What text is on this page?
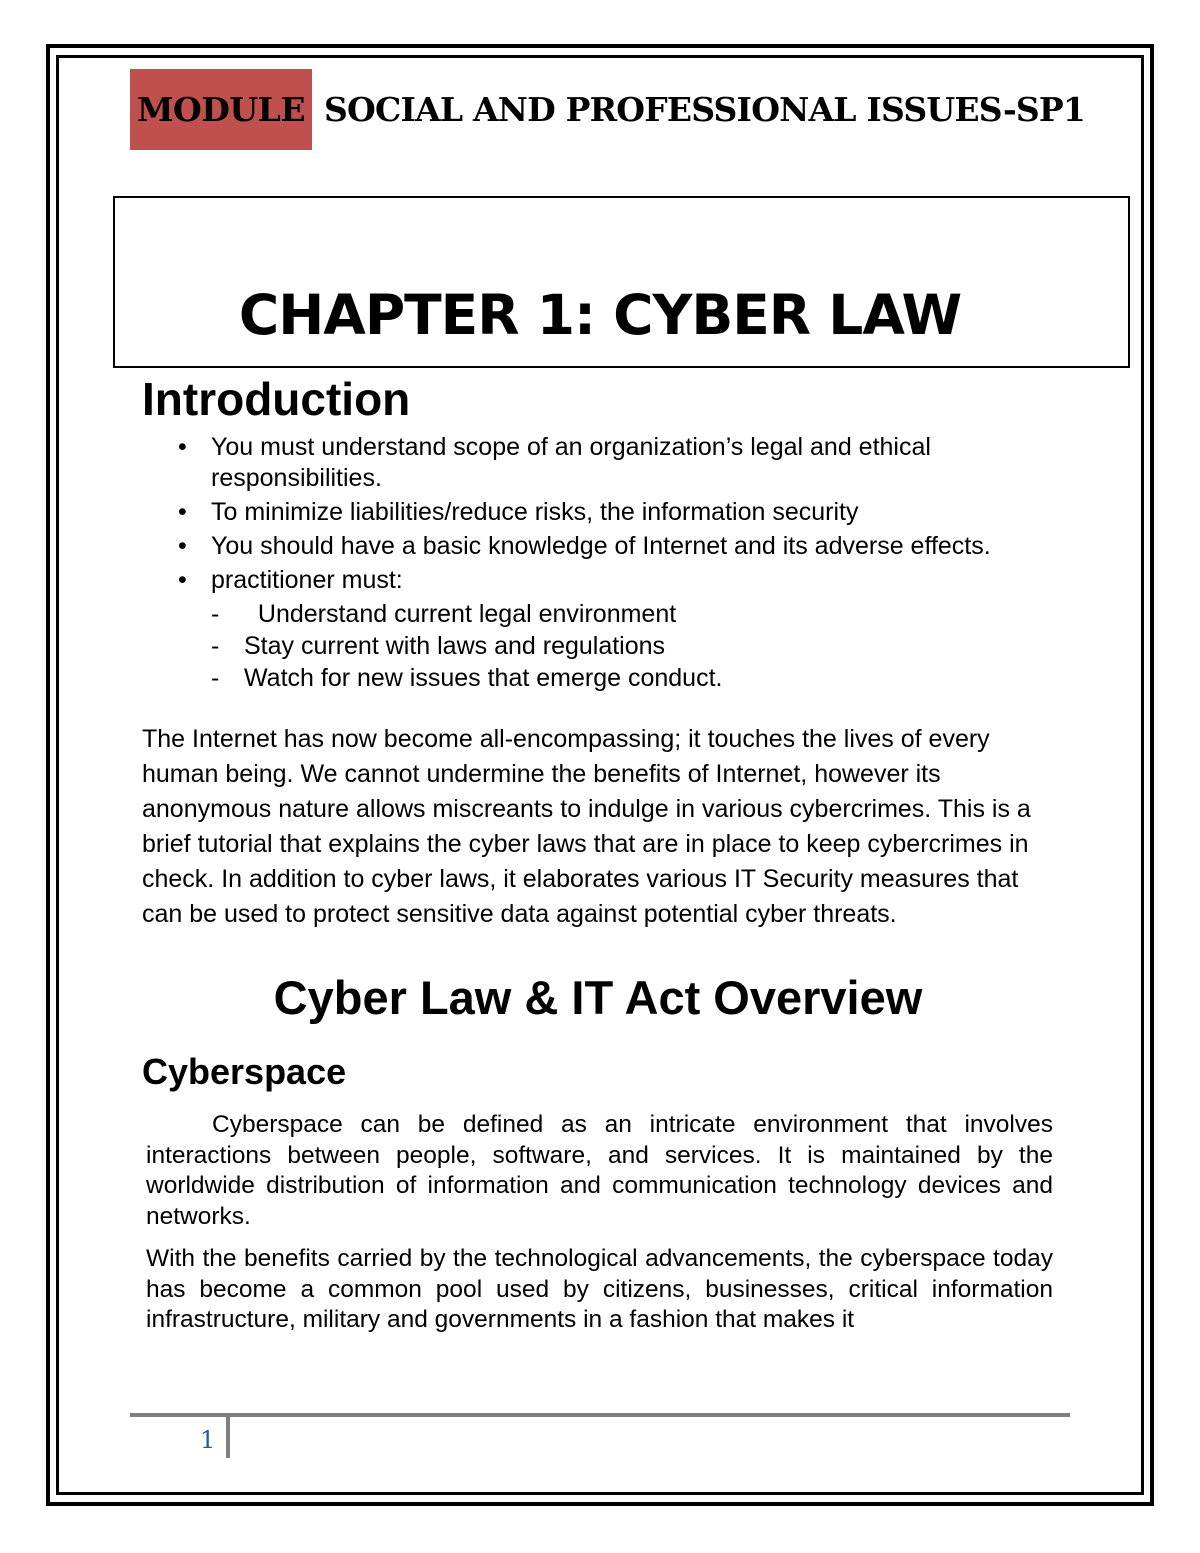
MODULE SOCIAL AND PROFESSIONAL ISSUES-SP1
CHAPTER 1: CYBER LAW
Introduction
• You must understand scope of an organization’s legal and ethical responsibilities.
• To minimize liabilities/reduce risks, the information security
• You should have a basic knowledge of Internet and its adverse effects.
• practitioner must:
-  Understand current legal environment
- Stay current with laws and regulations
- Watch for new issues that emerge conduct.

The Internet has now become all-encompassing; it touches the lives of every human being. We cannot undermine the benefits of Internet, however its anonymous nature allows miscreants to indulge in various cybercrimes. This is a brief tutorial that explains the cyber laws that are in place to keep cybercrimes in check. In addition to cyber laws, it elaborates various IT Security measures that can be used to protect sensitive data against potential cyber threats.

Cyber Law & IT Act Overview
Cyberspace

Cyberspace can be defined as an intricate environment that involves interactions between people, software, and services. It is maintained by the worldwide distribution of information and communication technology devices and networks.

With the benefits carried by the technological advancements, the cyberspace today has become a common pool used by citizens, businesses, critical information infrastructure, military and governments in a fashion that makes it

1
